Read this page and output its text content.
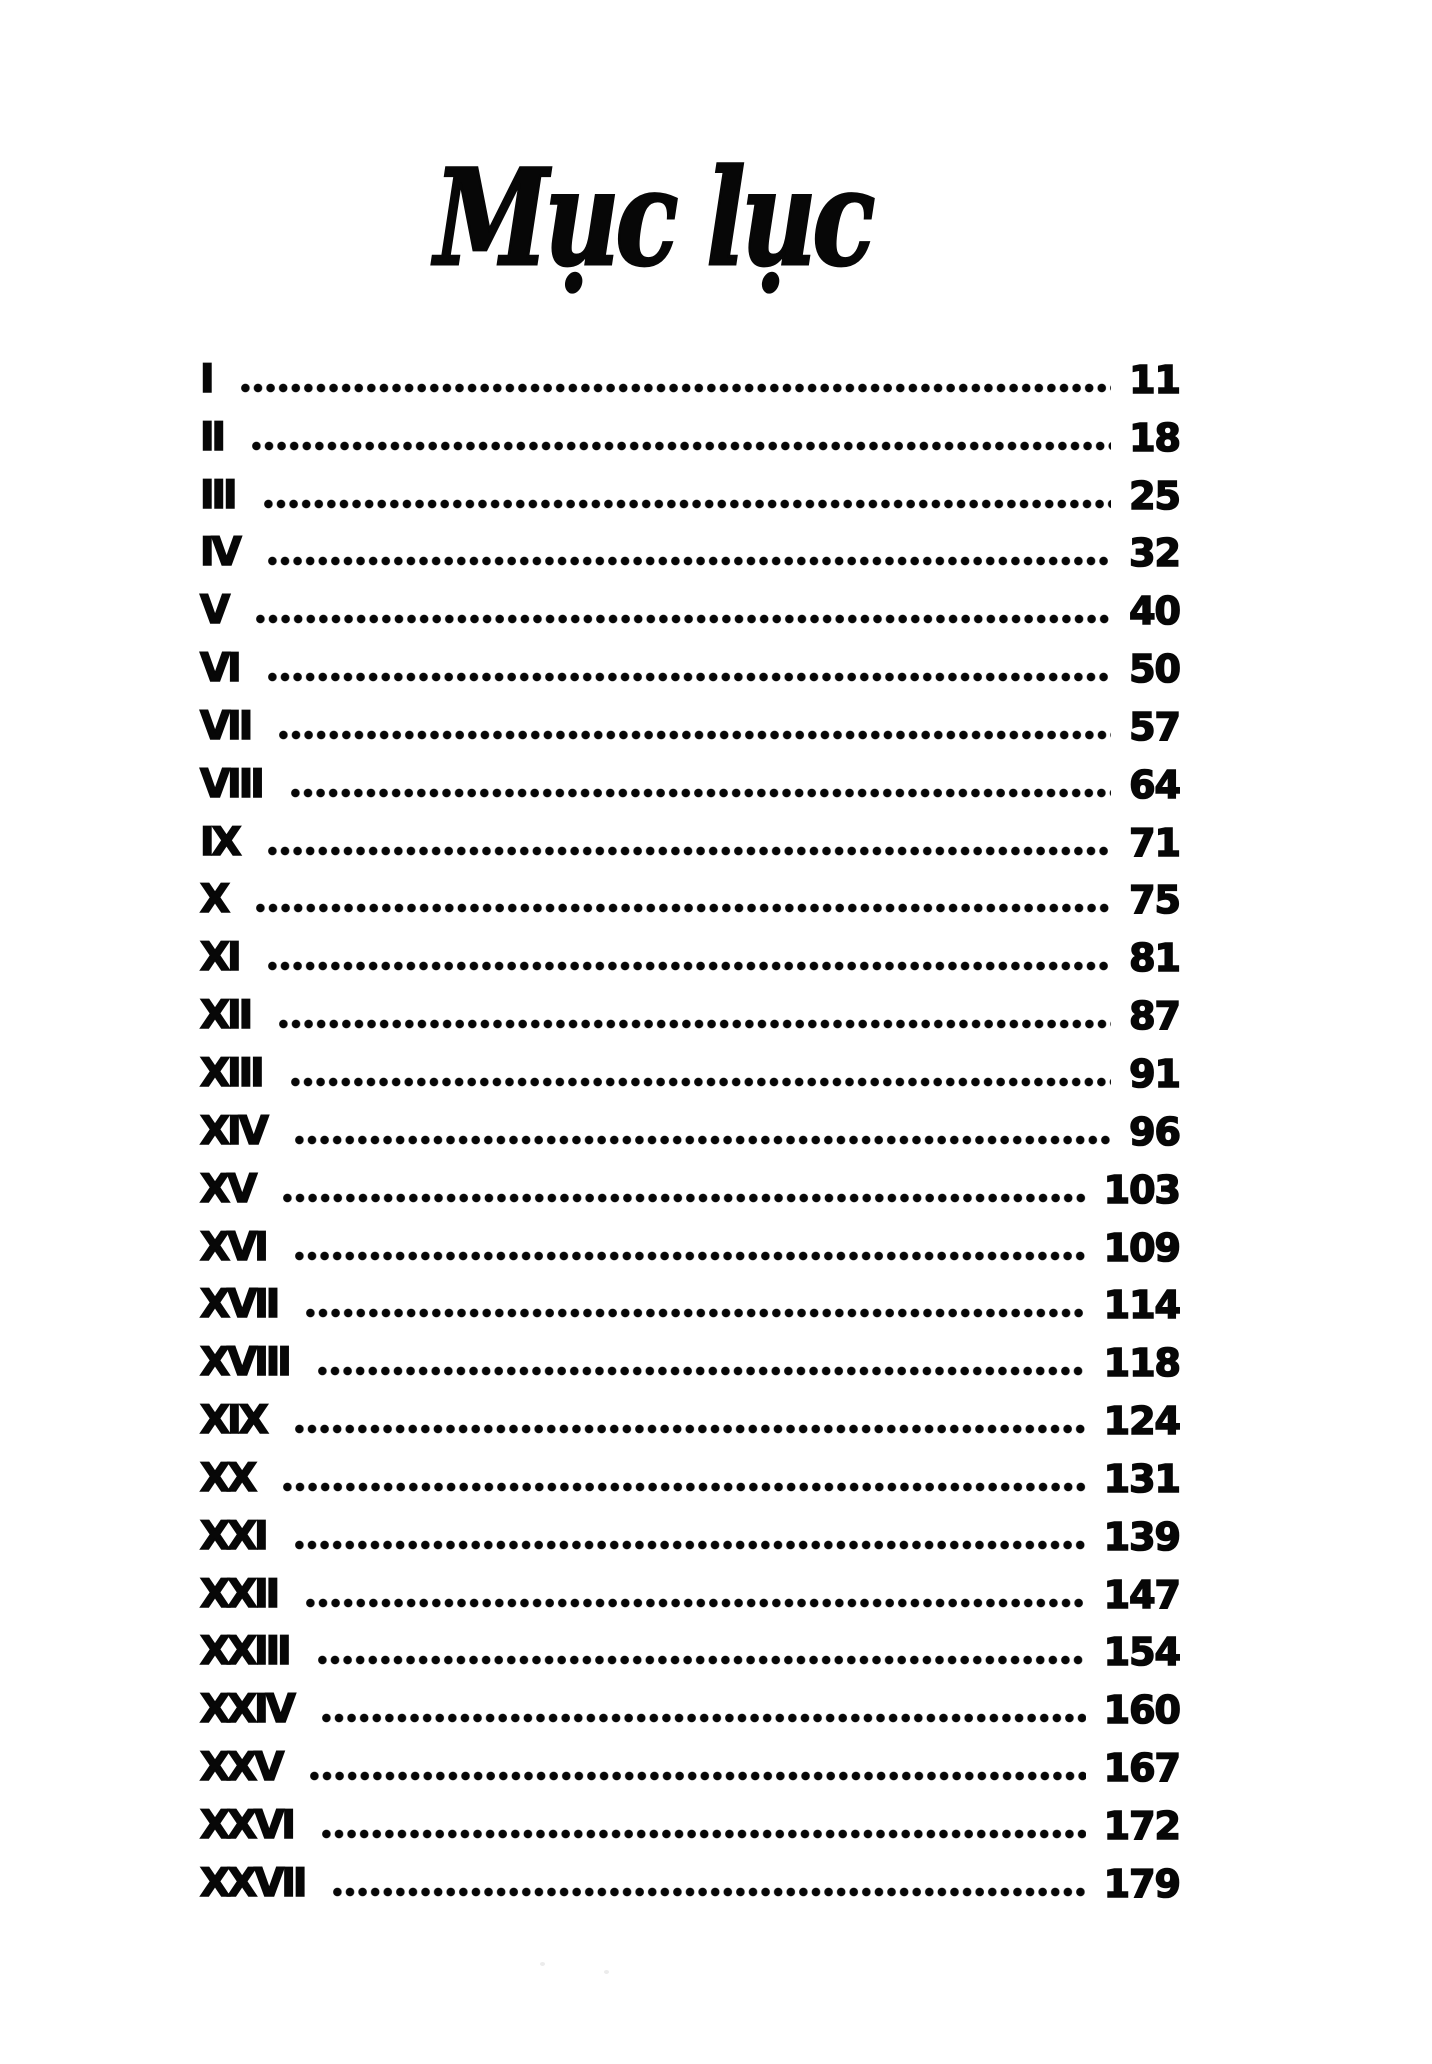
Mục lục
I	11
II	18
III	25
IV	32
V	40
VI	50
VII	57
VIII	64
IX	71
X	75
XI	81
XII	87
XIII	91
XIV	96
XV	103
XVI	109
XVII	114
XVIII	118
XIX	124
XX	131
XXI	139
XXII	147
XXIII	154
XXIV	160
XXV	167
XXVI	172
XXVII	179
